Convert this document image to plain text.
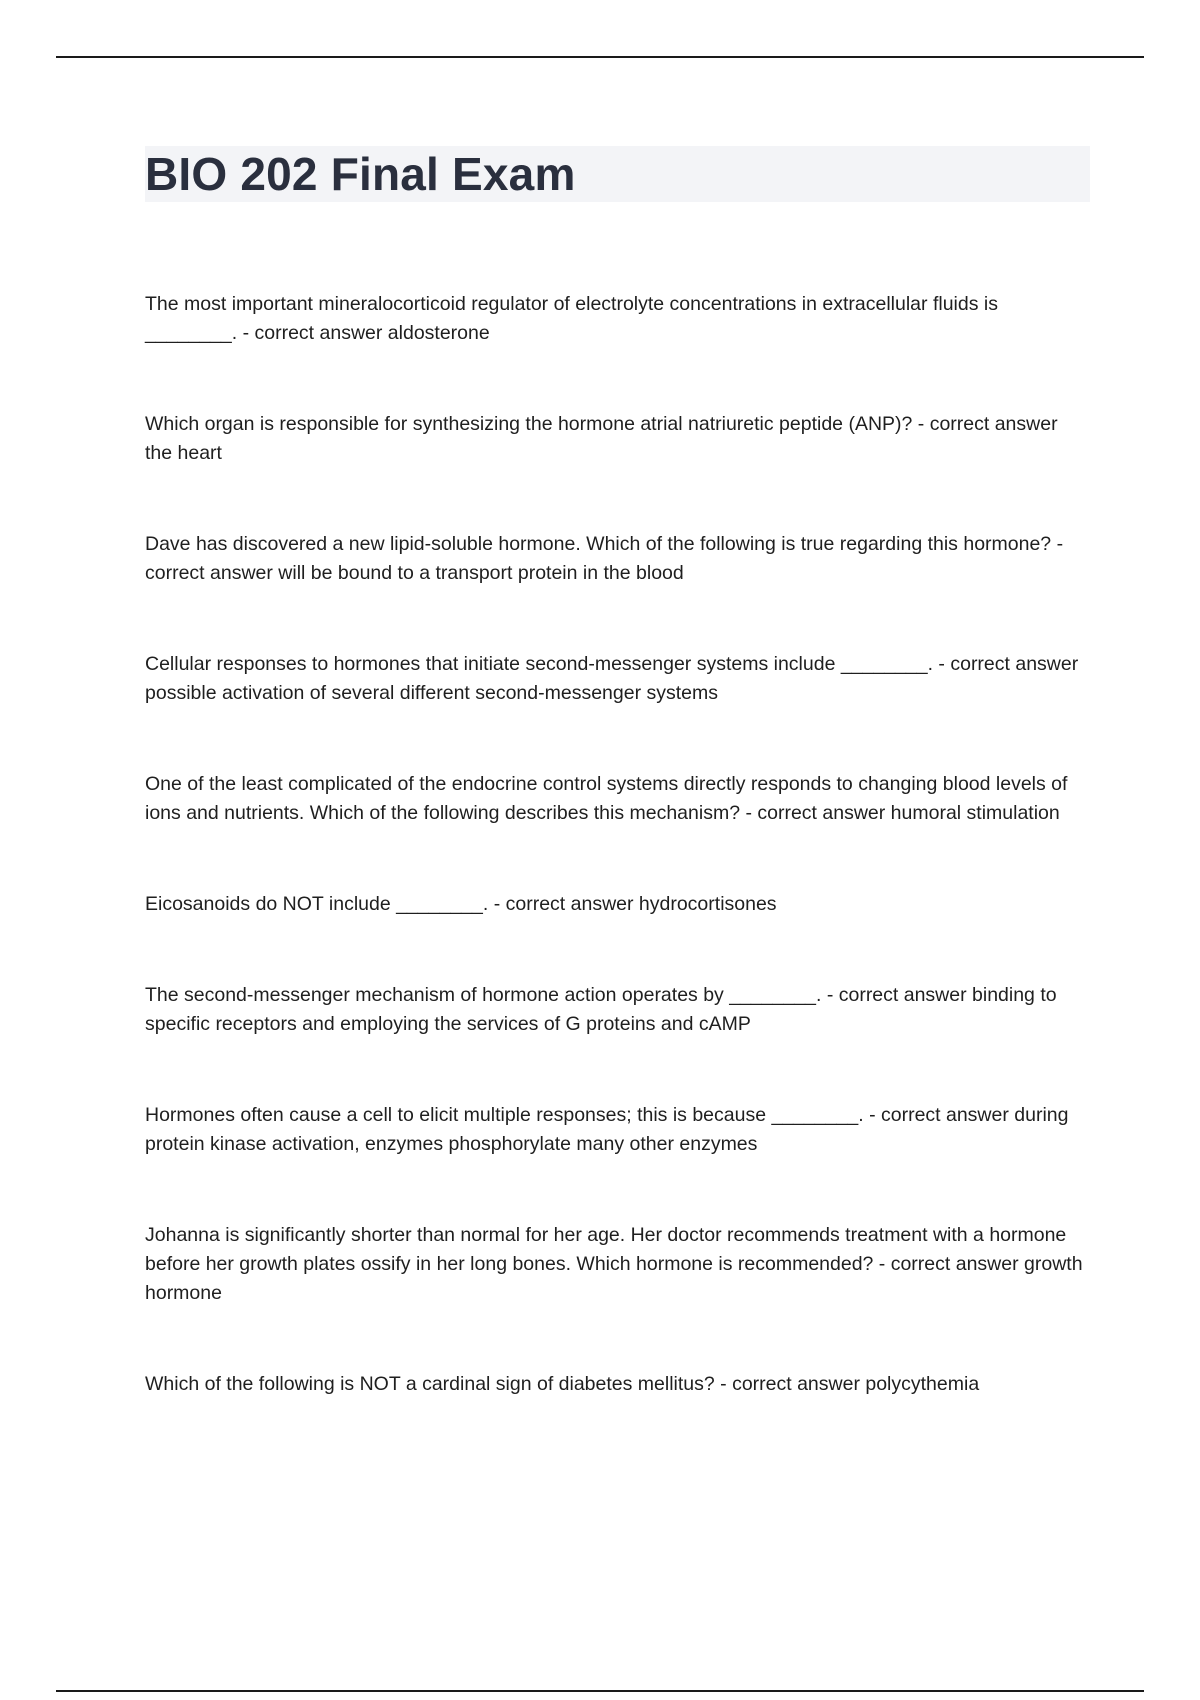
BIO 202 Final Exam

The most important mineralocorticoid regulator of electrolyte concentrations in extracellular fluids is ________. - correct answer aldosterone

Which organ is responsible for synthesizing the hormone atrial natriuretic peptide (ANP)? - correct answer the heart

Dave has discovered a new lipid-soluble hormone. Which of the following is true regarding this hormone? - correct answer will be bound to a transport protein in the blood

Cellular responses to hormones that initiate second-messenger systems include ________. - correct answer possible activation of several different second-messenger systems

One of the least complicated of the endocrine control systems directly responds to changing blood levels of ions and nutrients. Which of the following describes this mechanism? - correct answer humoral stimulation

Eicosanoids do NOT include ________. - correct answer hydrocortisones

The second-messenger mechanism of hormone action operates by ________. - correct answer binding to specific receptors and employing the services of G proteins and cAMP

Hormones often cause a cell to elicit multiple responses; this is because ________. - correct answer during protein kinase activation, enzymes phosphorylate many other enzymes

Johanna is significantly shorter than normal for her age. Her doctor recommends treatment with a hormone before her growth plates ossify in her long bones. Which hormone is recommended? - correct answer growth hormone

Which of the following is NOT a cardinal sign of diabetes mellitus? - correct answer polycythemia
